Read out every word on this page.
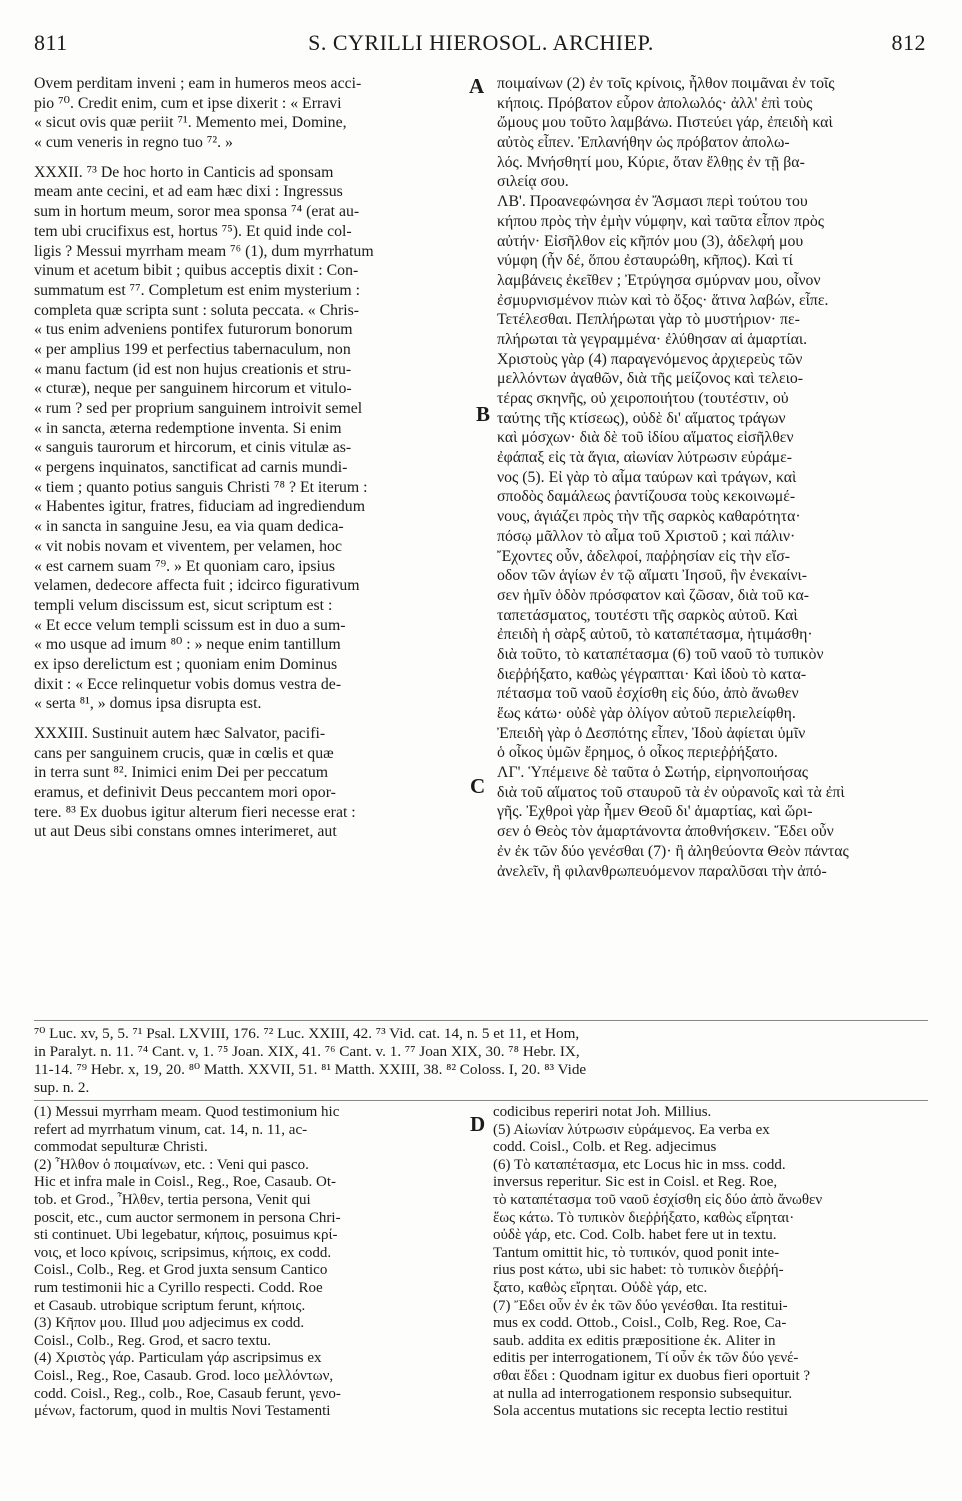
811	S. CYRILLI HIEROSOL. ARCHIEP.	812
A
B
C
D
Ovem perditam inveni ; eam in humeros meos acci-
pio ⁷⁰. Credit enim, cum et ipse dixerit : « Erravi
« sicut ovis quæ periit ⁷¹. Memento mei, Domine,
« cum veneris in regno tuo ⁷². »
XXXII. ⁷³ De hoc horto in Canticis ad sponsam
meam ante cecini, et ad eam hæc dixi : Ingressus
sum in hortum meum, soror mea sponsa ⁷⁴ (erat au-
tem ubi crucifixus est, hortus ⁷⁵). Et quid inde col-
ligis ? Messui myrrham meam ⁷⁶ (1), dum myrrhatum
vinum et acetum bibit ; quibus acceptis dixit : Con-
summatum est ⁷⁷. Completum est enim mysterium :
completa quæ scripta sunt : soluta peccata. « Chris-
« tus enim adveniens pontifex futurorum bonorum
« per amplius 199 et perfectius tabernaculum, non
« manu factum (id est non hujus creationis et stru-
« cturæ), neque per sanguinem hircorum et vitulo-
« rum ? sed per proprium sanguinem introivit semel
« in sancta, æterna redemptione inventa. Si enim
« sanguis taurorum et hircorum, et cinis vitulæ as-
« pergens inquinatos, sanctificat ad carnis mundi-
« tiem ; quanto potius sanguis Christi ⁷⁸ ? Et iterum :
« Habentes igitur, fratres, fiduciam ad ingrediendum
« in sancta in sanguine Jesu, ea via quam dedica-
« vit nobis novam et viventem, per velamen, hoc
« est carnem suam ⁷⁹. » Et quoniam caro, ipsius
velamen, dedecore affecta fuit ; idcirco figurativum
templi velum discissum est, sicut scriptum est :
« Et ecce velum templi scissum est in duo a sum-
« mo usque ad imum ⁸⁰ : » neque enim tantillum
ex ipso derelictum est ; quoniam enim Dominus
dixit : « Ecce relinquetur vobis domus vestra de-
« serta ⁸¹, » domus ipsa disrupta est.
XXXIII. Sustinuit autem hæc Salvator, pacifi-
cans per sanguinem crucis, quæ in cœlis et quæ
in terra sunt ⁸². Inimici enim Dei per peccatum
eramus, et definivit Deus peccantem mori opor-
tere. ⁸³ Ex duobus igitur alterum fieri necesse erat :
ut aut Deus sibi constans omnes interimeret, aut
ποιμαίνων (2) ἐν τοῖς κρίνοις, ἦλθον ποιμᾶναι ἐν τοῖς
κήποις. Πρόβατον εὗρον ἀπολωλός· ἀλλ' ἐπὶ τοὺς
ὤμους μου τοῦτο λαμβάνω. Πιστεύει γάρ, ἐπειδὴ καὶ
αὐτὸς εἶπεν. Ἐπλανήθην ὡς πρόβατον ἀπολω-
λός. Μνήσθητί μου, Κύριε, ὅταν ἔλθῃς ἐν τῇ βα-
σιλείᾳ σου.
ΛΒ'. Προανεφώνησα ἐν Ἄσμασι περὶ τούτου του
κήπου πρὸς τὴν ἐμὴν νύμφην, καὶ ταῦτα εἶπον πρὸς
αὐτήν· Εἰσῆλθον εἰς κῆπόν μου (3), ἀδελφή μου
νύμφη (ἦν δέ, ὅπου ἐσταυρώθη, κῆπος). Καὶ τί
λαμβάνεις ἐκεῖθεν ; Ἐτρύγησα σμύρναν μου, οἶνον
ἐσμυρνισμένον πιὼν καὶ τὸ ὄξος· ἅτινα λαβών, εἶπε.
Τετέλεσθαι. Πεπλήρωται γὰρ τὸ μυστήριον· πε-
πλήρωται τὰ γεγραμμένα· ἐλύθησαν αἱ ἁμαρτίαι.
Χριστοὺς γὰρ (4) παραγενόμενος ἀρχιερεὺς τῶν
μελλόντων ἀγαθῶν, διὰ τῆς μείζονος καὶ τελειο-
τέρας σκηνῆς, οὐ χειροποιήτου (τουτέστιν, οὐ
ταύτης τῆς κτίσεως), οὐδὲ δι' αἵματος τράγων
καὶ μόσχων· διὰ δὲ τοῦ ἰδίου αἵματος εἰσῆλθεν
ἐφάπαξ εἰς τὰ ἅγια, αἰωνίαν λύτρωσιν εὑράμε-
νος (5). Εἰ γὰρ τὸ αἷμα ταύρων καὶ τράγων, καὶ
σποδὸς δαμάλεως ῥαντίζουσα τοὺς κεκοινωμέ-
νους, ἁγιάζει πρὸς τὴν τῆς σαρκὸς καθαρότητα·
πόσῳ μᾶλλον τὸ αἷμα τοῦ Χριστοῦ ; καὶ πάλιν·
Ἔχοντες οὖν, ἀδελφοί, παῤῥησίαν εἰς τὴν εἴσ-
οδον τῶν ἁγίων ἐν τῷ αἵματι Ἰησοῦ, ἣν ἐνεκαίνι-
σεν ἡμῖν ὁδὸν πρόσφατον καὶ ζῶσαν, διὰ τοῦ κα-
ταπετάσματος, τουτέστι τῆς σαρκὸς αὐτοῦ. Καὶ
ἐπειδὴ ἡ σὰρξ αὐτοῦ, τὸ καταπέτασμα, ἠτιμάσθη·
διὰ τοῦτο, τὸ καταπέτασμα (6) τοῦ ναοῦ τὸ τυπικὸν
διεῤῥήξατο, καθὼς γέγραπται· Καὶ ἰδοὺ τὸ κατα-
πέτασμα τοῦ ναοῦ ἐσχίσθη εἰς δύο, ἀπὸ ἄνωθεν
ἕως κάτω· οὐδὲ γὰρ ὀλίγον αὐτοῦ περιελείφθη.
Ἐπειδὴ γὰρ ὁ Δεσπότης εἶπεν, Ἰδοὺ ἀφίεται ὑμῖν
ὁ οἶκος ὑμῶν ἔρημος, ὁ οἶκος περιεῤῥήξατο.
ΛΓ'. Ὑπέμεινε δὲ ταῦτα ὁ Σωτήρ, εἰρηνοποιήσας
διὰ τοῦ αἵματος τοῦ σταυροῦ τὰ ἐν οὐρανοῖς καὶ τὰ ἐπὶ
γῆς. Ἐχθροὶ γὰρ ἦμεν Θεοῦ δι' ἁμαρτίας, καὶ ὥρι-
σεν ὁ Θεὸς τὸν ἁμαρτάνοντα ἀποθνήσκειν. Ἔδει οὖν
ἐν ἐκ τῶν δύο γενέσθαι (7)· ἢ ἀληθεύοντα Θεὸν πάντας
ἀνελεῖν, ἢ φιλανθρωπευόμενον παραλῦσαι τὴν ἀπό-
⁷⁰ Luc. xv, 5, 5. ⁷¹ Psal. LXVIII, 176. ⁷² Luc. XXIII, 42. ⁷³ Vid. cat. 14, n. 5 et 11, et Hom,
in Paralyt. n. 11. ⁷⁴ Cant. v, 1. ⁷⁵ Joan. XIX, 41. ⁷⁶ Cant. v. 1. ⁷⁷ Joan XIX, 30. ⁷⁸ Hebr. IX,
11-14. ⁷⁹ Hebr. x, 19, 20. ⁸⁰ Matth. XXVII, 51. ⁸¹ Matth. XXIII, 38. ⁸² Coloss. I, 20. ⁸³ Vide
sup. n. 2.
(1) Messui myrrham meam. Quod testimonium hic
refert ad myrrhatum vinum, cat. 14, n. 11, ac-
commodat sepulturæ Christi.
(2) Ἦλθον ὁ ποιμαίνων, etc. : Veni qui pasco.
Hic et infra male in Coisl., Reg., Roe, Casaub. Ot-
tob. et Grod., Ἦλθεν, tertia persona, Venit qui
poscit, etc., cum auctor sermonem in persona Chri-
sti continuet. Ubi legebatur, κήποις, posuimus κρί-
νοις, et loco κρίνοις, scripsimus, κήποις, ex codd.
Coisl., Colb., Reg. et Grod juxta sensum Cantico
rum testimonii hic a Cyrillo respecti. Codd. Roe
et Casaub. utrobique scriptum ferunt, κήποις.
(3) Κῆπον μου. Illud μου adjecimus ex codd.
Coisl., Colb., Reg. Grod, et sacro textu.
(4) Χριστὸς γάρ. Particulam γάρ ascripsimus ex
Coisl., Reg., Roe, Casaub. Grod. loco μελλόντων,
codd. Coisl., Reg., colb., Roe, Casaub ferunt, γενο-
μένων, factorum, quod in multis Novi Testamenti
codicibus reperiri notat Joh. Millius.
(5) Αἰωνίαν λύτρωσιν εὑράμενος. Ea verba ex
codd. Coisl., Colb. et Reg. adjecimus
(6) Τὸ καταπέτασμα, etc Locus hic in mss. codd.
inversus reperitur. Sic est in Coisl. et Reg. Roe,
τὸ καταπέτασμα τοῦ ναοῦ ἐσχίσθη εἰς δύο ἀπὸ ἄνωθεν
ἕως κάτω. Τὸ τυπικὸν διεῤῥήξατο, καθὼς εἴρηται·
οὐδὲ γάρ, etc. Cod. Colb. habet fere ut in textu.
Tantum omittit hic, τὸ τυπικόν, quod ponit inte-
rius post κάτω, ubi sic habet: τὸ τυπικὸν διεῤῥή-
ξατο, καθὼς εἴρηται. Οὐδὲ γάρ, etc.
(7) Ἔδει οὖν ἐν ἐκ τῶν δύο γενέσθαι. Ita restitui-
mus ex codd. Ottob., Coisl., Colb, Reg. Roe, Ca-
saub. addita ex editis præpositione ἐκ. Aliter in
editis per interrogationem, Τί οὖν ἐκ τῶν δύο γενέ-
σθαι ἔδει : Quodnam igitur ex duobus fieri oportuit ?
at nulla ad interrogationem responsio subsequitur.
Sola accentus mutations sic recepta lectio restitui
